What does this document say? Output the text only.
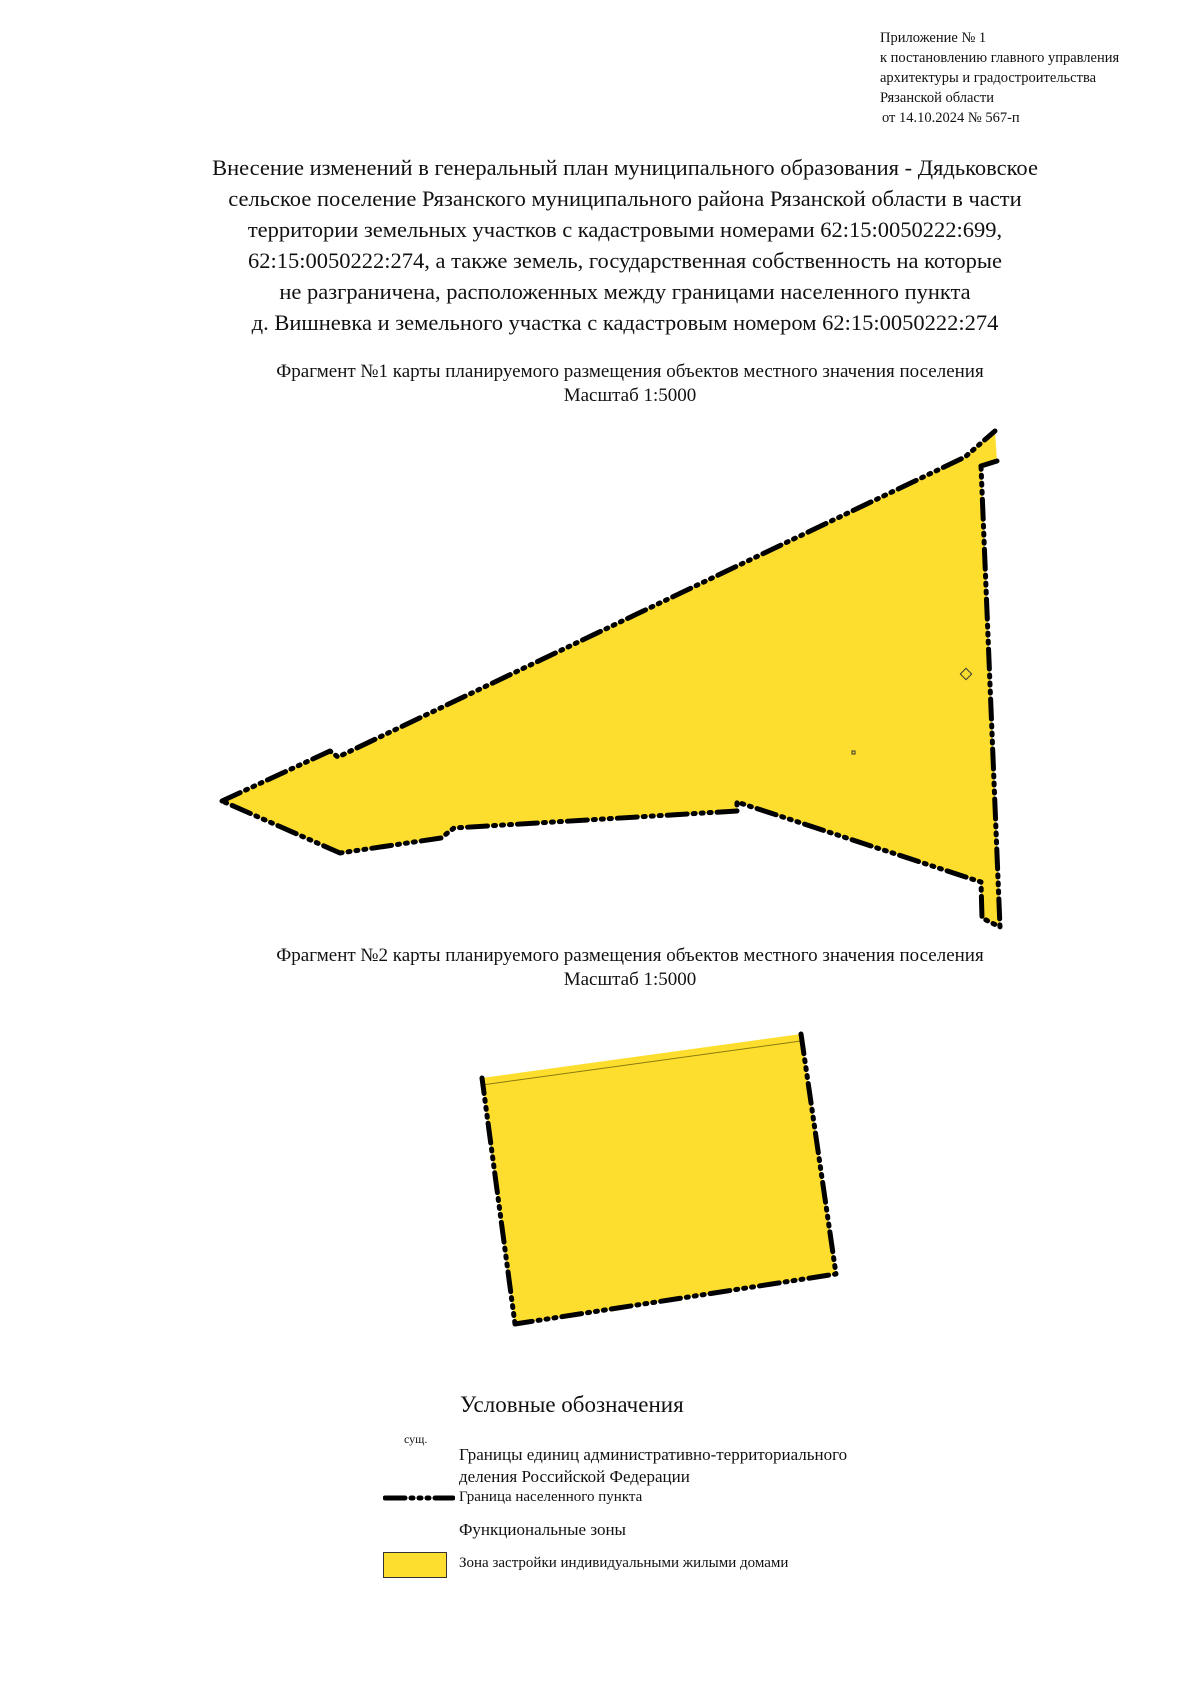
Приложение № 1
к постановлению главного управления
архитектуры и градостроительства
Рязанской области
от 14.10.2024 № 567-п
Внесение изменений в генеральный план муниципального образования - Дядьковское
сельское поселение Рязанского муниципального района Рязанской области в части
территории земельных участков с кадастровыми номерами 62:15:0050222:699,
62:15:0050222:274, а также земель, государственная собственность на которые
не разграничена, расположенных между границами населенного пункта
д. Вишневка и земельного участка с кадастровым номером 62:15:0050222:274
Фрагмент №1 карты планируемого размещения объектов местного значения поселения
Масштаб 1:5000
Фрагмент №2 карты планируемого размещения объектов местного значения поселения
Масштаб 1:5000
Условные обозначения
сущ.
Границы единиц административно-территориального
деления Российской Федерации
Граница населенного пункта
Функциональные зоны
Зона застройки индивидуальными жилыми домами
